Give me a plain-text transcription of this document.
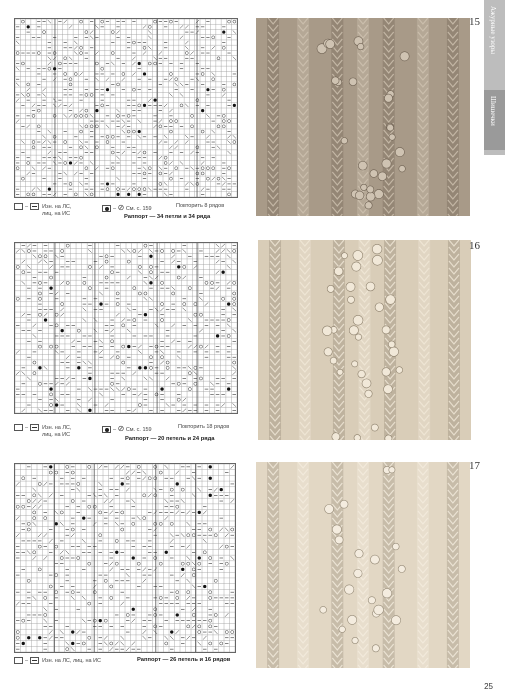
Ажурные узоры
Шишечки
15
–  Изн. на ЛС,
лиц. на ИС
– ⊘ См. с. 159	Повторить 8 рядов
Раппорт — 34 петли и 34 ряда
16
–  Изн. на ЛС,
лиц. на ИС
– ⊘ См. с. 159	Повторить 18 рядов
Раппорт — 20 петель и 24 ряда
17
–  Изн. на ЛС, лиц. на ИС	Раппорт — 26 петель и 16 рядов
25
